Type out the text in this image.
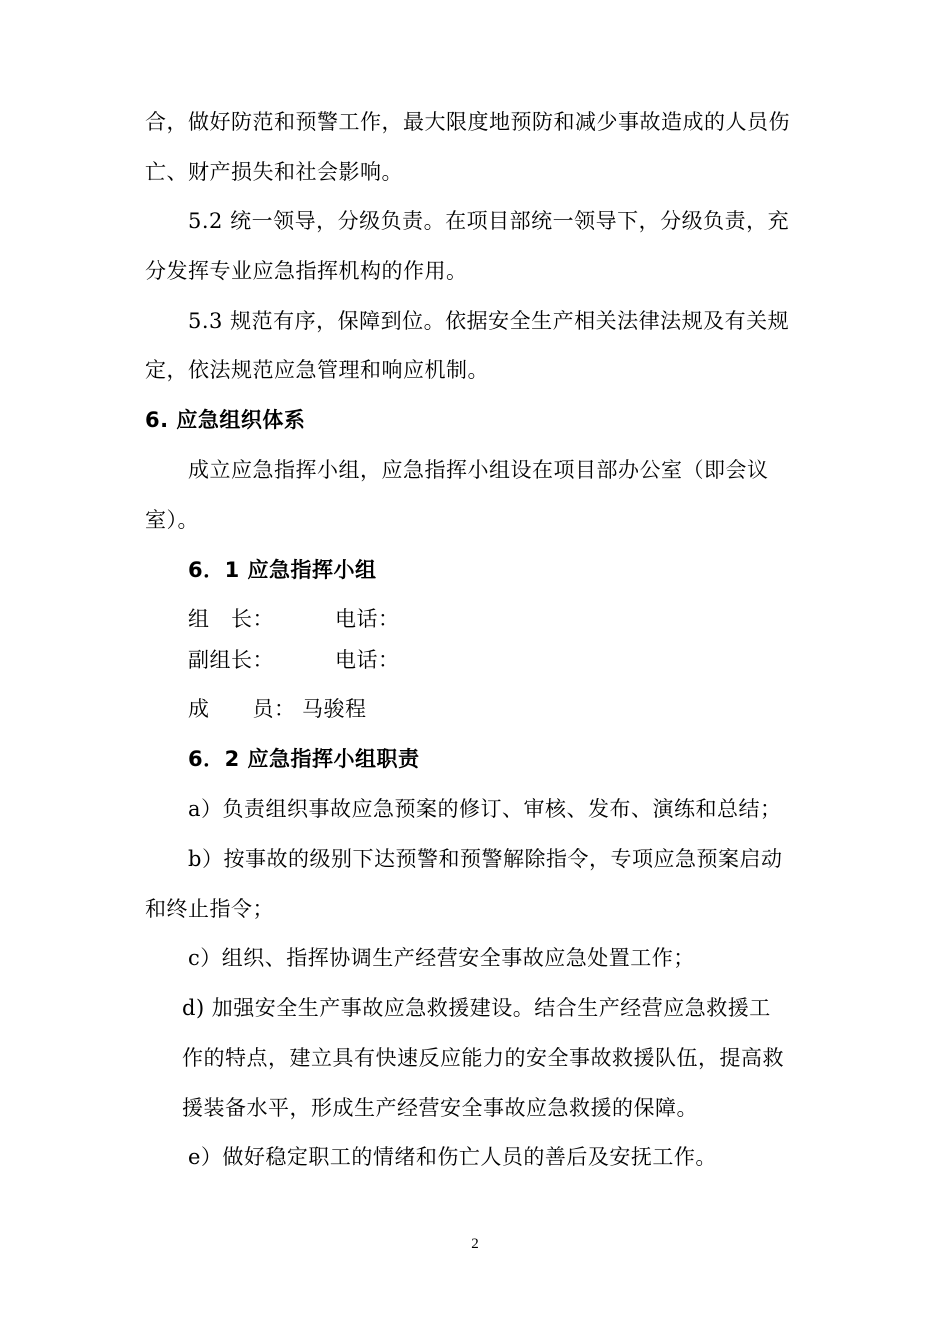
合，做好防范和预警工作，最大限度地预防和减少事故造成的人员伤
亡、财产损失和社会影响。
5.2 统一领导，分级负责。在项目部统一领导下，分级负责，充
分发挥专业应急指挥机构的作用。
5.3 规范有序，保障到位。依据安全生产相关法律法规及有关规
定，依法规范应急管理和响应机制。
6. 应急组织体系
成立应急指挥小组，应急指挥小组设在项目部办公室（即会议
室）。
6．1 应急指挥小组
组　长：	电话：
副组长：	电话：
成　　员： 马骏程
6．2 应急指挥小组职责
a）负责组织事故应急预案的修订、审核、发布、演练和总结；
b）按事故的级别下达预警和预警解除指令，专项应急预案启动
和终止指令；
c）组织、指挥协调生产经营安全事故应急处置工作；
d) 加强安全生产事故应急救援建设。结合生产经营应急救援工
作的特点，建立具有快速反应能力的安全事故救援队伍，提高救
援装备水平，形成生产经营安全事故应急救援的保障。
e）做好稳定职工的情绪和伤亡人员的善后及安抚工作。
2
